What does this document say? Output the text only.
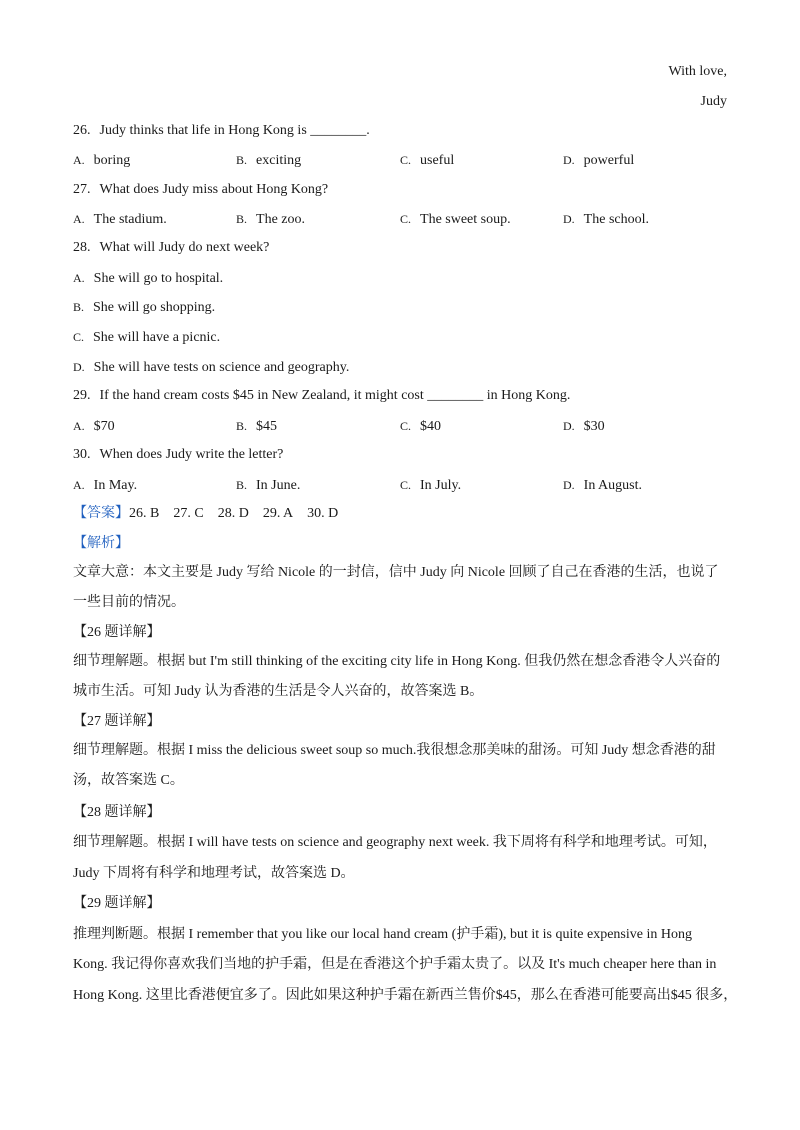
With love,
Judy
26. Judy thinks that life in Hong Kong is ________.
A. boring	B. exciting	C. useful	D. powerful
27. What does Judy miss about Hong Kong?
A. The stadium.	B. The zoo.	C. The sweet soup.	D. The school.
28. What will Judy do next week?
A. She will go to hospital.
B. She will go shopping.
C. She will have a picnic.
D. She will have tests on science and geography.
29. If the hand cream costs $45 in New Zealand, it might cost ________ in Hong Kong.
A. $70	B. $45	C. $40	D. $30
30. When does Judy write the letter?
A. In May.	B. In June.	C. In July.	D. In August.
【答案】26. B 27. C 28. D 29. A 30. D
【解析】
文章大意：本文主要是 Judy 写给 Nicole 的一封信，信中 Judy 向 Nicole 回顾了自己在香港的生活，也说了
一些目前的情况。
【26 题详解】
细节理解题。根据 but I'm still thinking of the exciting city life in Hong Kong. 但我仍然在想念香港令人兴奋的
城市生活。可知 Judy 认为香港的生活是令人兴奋的，故答案选 B。
【27 题详解】
细节理解题。根据 I miss the delicious sweet soup so much.我很想念那美味的甜汤。可知 Judy 想念香港的甜
汤，故答案选 C。
【28 题详解】
细节理解题。根据 I will have tests on science and geography next week. 我下周将有科学和地理考试。可知，
Judy 下周将有科学和地理考试，故答案选 D。
【29 题详解】
推理判断题。根据 I remember that you like our local hand cream (护手霜), but it is quite expensive in Hong
Kong. 我记得你喜欢我们当地的护手霜，但是在香港这个护手霜太贵了。以及 It's much cheaper here than in
Hong Kong. 这里比香港便宜多了。因此如果这种护手霜在新西兰售价$45，那么在香港可能要高出$45 很多，
